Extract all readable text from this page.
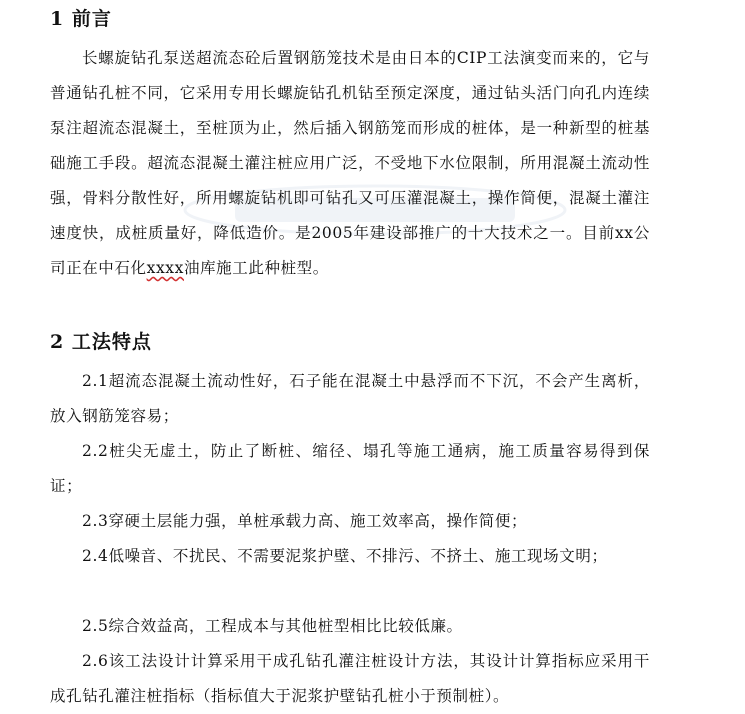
1 前言

长螺旋钻孔泵送超流态砼后置钢筋笼技术是由日本的CIP工法演变而来的，它与普通钻孔桩不同，它采用专用长螺旋钻孔机钻至预定深度，通过钻头活门向孔内连续泵注超流态混凝土，至桩顶为止，然后插入钢筋笼而形成的桩体，是一种新型的桩基础施工手段。超流态混凝土灌注桩应用广泛，不受地下水位限制，所用混凝土流动性强，骨料分散性好，所用螺旋钻机即可钻孔又可压灌混凝土，操作简便，混凝土灌注速度快，成桩质量好，降低造价。是2005年建设部推广的十大技术之一。目前xx公司正在中石化xxxx油库施工此种桩型。

2 工法特点

2.1超流态混凝土流动性好，石子能在混凝土中悬浮而不下沉，不会产生离析，放入钢筋笼容易；

2.2桩尖无虚土，防止了断桩、缩径、塌孔等施工通病，施工质量容易得到保证；

2.3穿硬土层能力强，单桩承载力高、施工效率高，操作简便；

2.4低噪音、不扰民、不需要泥浆护壁、不排污、不挤土、施工现场文明；

2.5综合效益高，工程成本与其他桩型相比比较低廉。

2.6该工法设计计算采用干成孔钻孔灌注桩设计方法，其设计计算指标应采用干成孔钻孔灌注桩指标（指标值大于泥浆护壁钻孔桩小于预制桩）。
